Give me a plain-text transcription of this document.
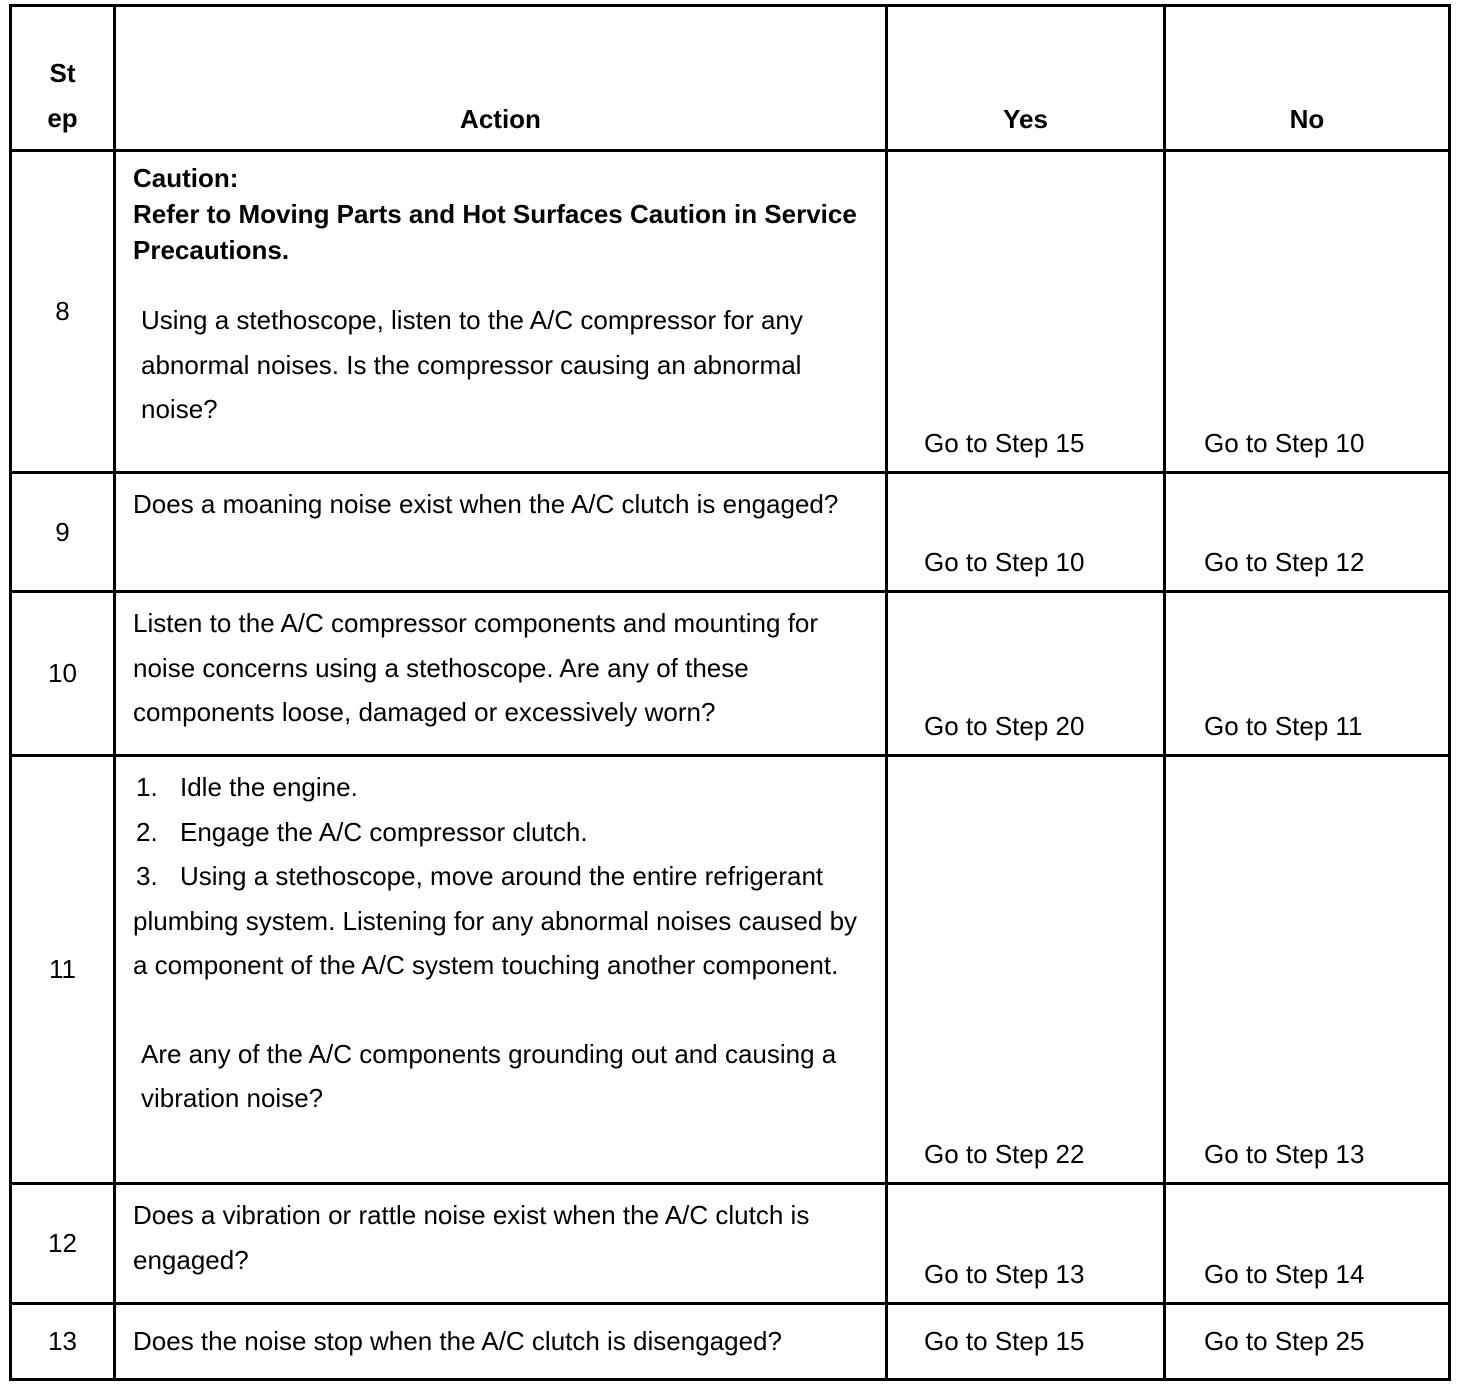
St
ep	Action	Yes	No
8	Caution:
Refer to Moving Parts and Hot Surfaces Caution in Service Precautions.
Using a stethoscope, listen to the A/C compressor for any abnormal noises. Is the compressor causing an abnormal noise?	Go to Step 15	Go to Step 10
9	Does a moaning noise exist when the A/C clutch is engaged?	Go to Step 10	Go to Step 12
10	Listen to the A/C compressor components and mounting for noise concerns using a stethoscope. Are any of these components loose, damaged or excessively worn?	Go to Step 20	Go to Step 11
11	1. Idle the engine.
2. Engage the A/C compressor clutch.
3. Using a stethoscope, move around the entire refrigerant plumbing system. Listening for any abnormal noises caused by a component of the A/C system touching another component.
Are any of the A/C components grounding out and causing a vibration noise?	Go to Step 22	Go to Step 13
12	Does a vibration or rattle noise exist when the A/C clutch is engaged?	Go to Step 13	Go to Step 14
13	Does the noise stop when the A/C clutch is disengaged?	Go to Step 15	Go to Step 25
